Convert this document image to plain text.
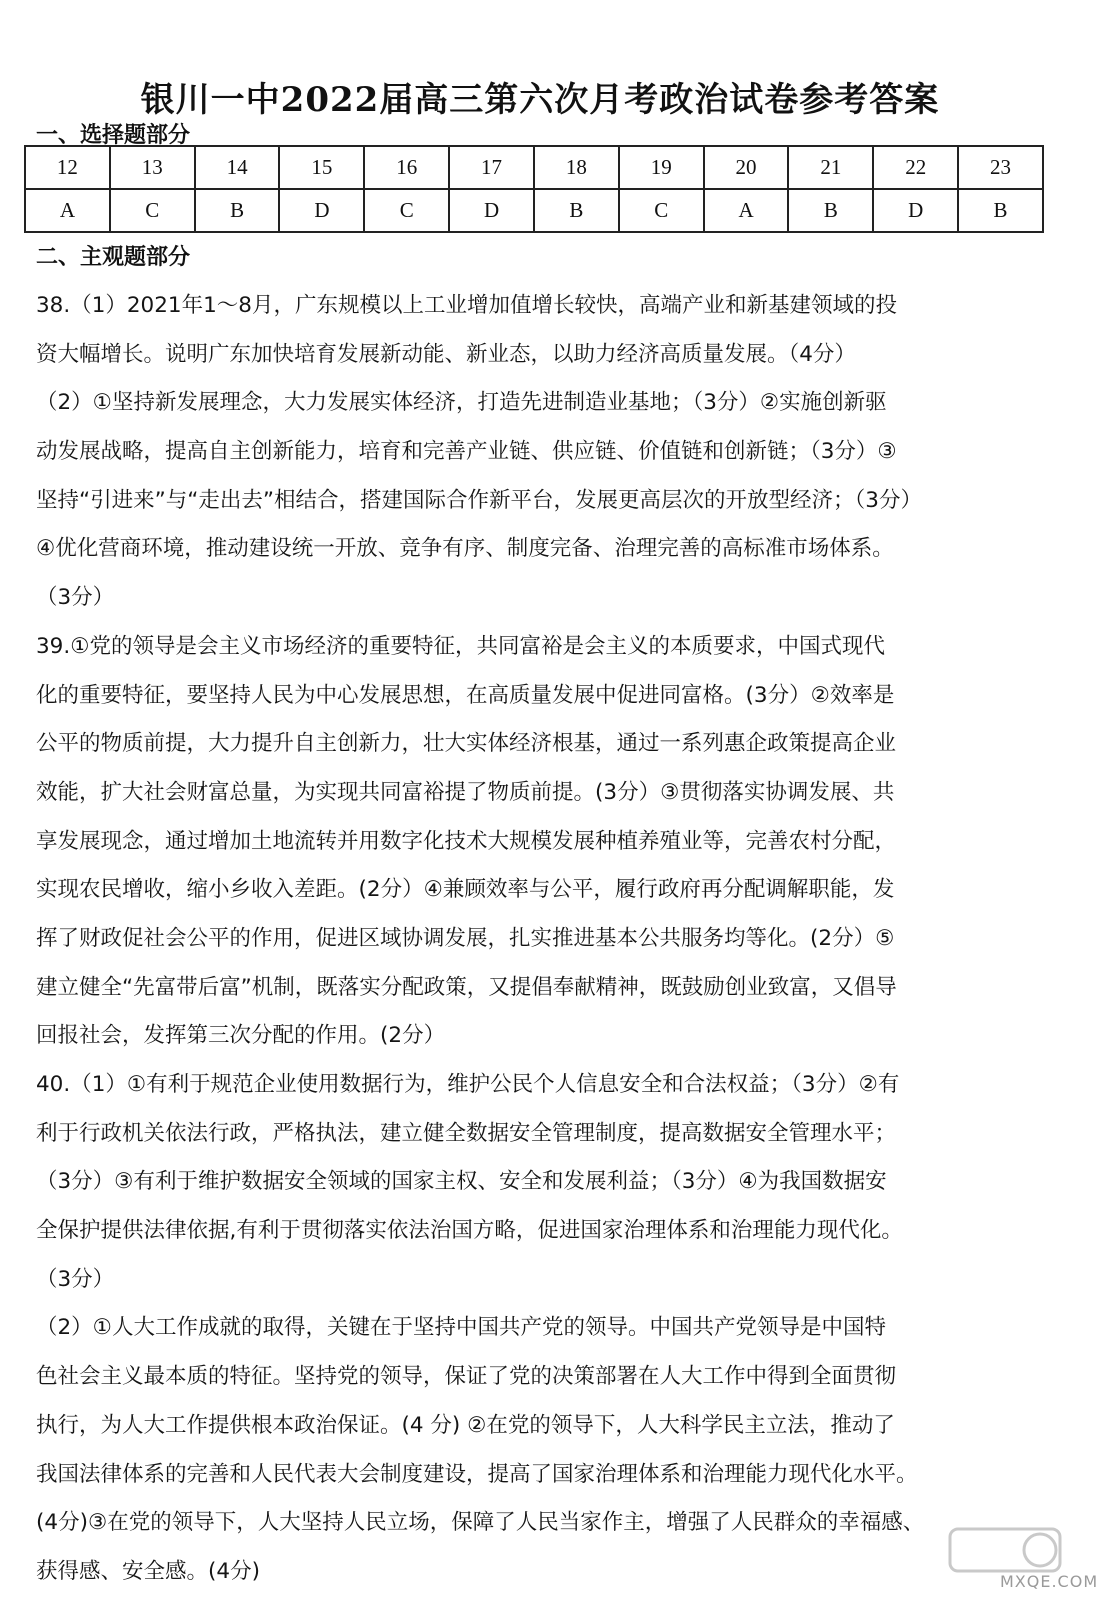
银川一中2022届高三第六次月考政治试卷参考答案
一、选择题部分
12	13	14	15	16	17	18	19	20	21	22	23
A	C	B	D	C	D	B	C	A	B	D	B
二、主观题部分
38.（1）2021年1～8月，广东规模以上工业增加值增长较快，高端产业和新基建领域的投
资大幅增长。说明广东加快培育发展新动能、新业态，以助力经济高质量发展。（4分）
（2）①坚持新发展理念，大力发展实体经济，打造先进制造业基地；（3分）②实施创新驱
动发展战略，提高自主创新能力，培育和完善产业链、供应链、价值链和创新链；（3分）③
坚持“引进来”与“走出去”相结合，搭建国际合作新平台，发展更高层次的开放型经济；（3分）
④优化营商环境，推动建设统一开放、竞争有序、制度完备、治理完善的高标准市场体系。
（3分）
39.①党的领导是会主义市场经济的重要特征，共同富裕是会主义的本质要求，中国式现代
化的重要特征，要坚持人民为中心发展思想，在高质量发展中促进同富格。(3分）②效率是
公平的物质前提，大力提升自主创新力，壮大实体经济根基，通过一系列惠企政策提高企业
效能，扩大社会财富总量，为实现共同富裕提了物质前提。(3分）③贯彻落实协调发展、共
享发展现念，通过增加土地流转并用数字化技术大规模发展种植养殖业等，完善农村分配，
实现农民增收，缩小乡收入差距。(2分）④兼顾效率与公平，履行政府再分配调解职能，发
挥了财政促社会公平的作用，促进区域协调发展，扎实推进基本公共服务均等化。(2分）⑤
建立健全“先富带后富”机制，既落实分配政策，又提倡奉献精神，既鼓励创业致富，又倡导
回报社会，发挥第三次分配的作用。(2分）
40.（1）①有利于规范企业使用数据行为，维护公民个人信息安全和合法权益；（3分）②有
利于行政机关依法行政，严格执法，建立健全数据安全管理制度，提高数据安全管理水平；
（3分）③有利于维护数据安全领域的国家主权、安全和发展利益；（3分）④为我国数据安
全保护提供法律依据,有利于贯彻落实依法治国方略，促进国家治理体系和治理能力现代化。
（3分）
（2）①人大工作成就的取得，关键在于坚持中国共产党的领导。中国共产党领导是中国特
色社会主义最本质的特征。坚持党的领导，保证了党的决策部署在人大工作中得到全面贯彻
执行，为人大工作提供根本政治保证。(4 分) ②在党的领导下，人大科学民主立法，推动了
我国法律体系的完善和人民代表大会制度建设，提高了国家治理体系和治理能力现代化水平。
(4分)③在党的领导下，人大坚持人民立场，保障了人民当家作主，增强了人民群众的幸福感、
获得感、安全感。(4分)	MXQE.COM
